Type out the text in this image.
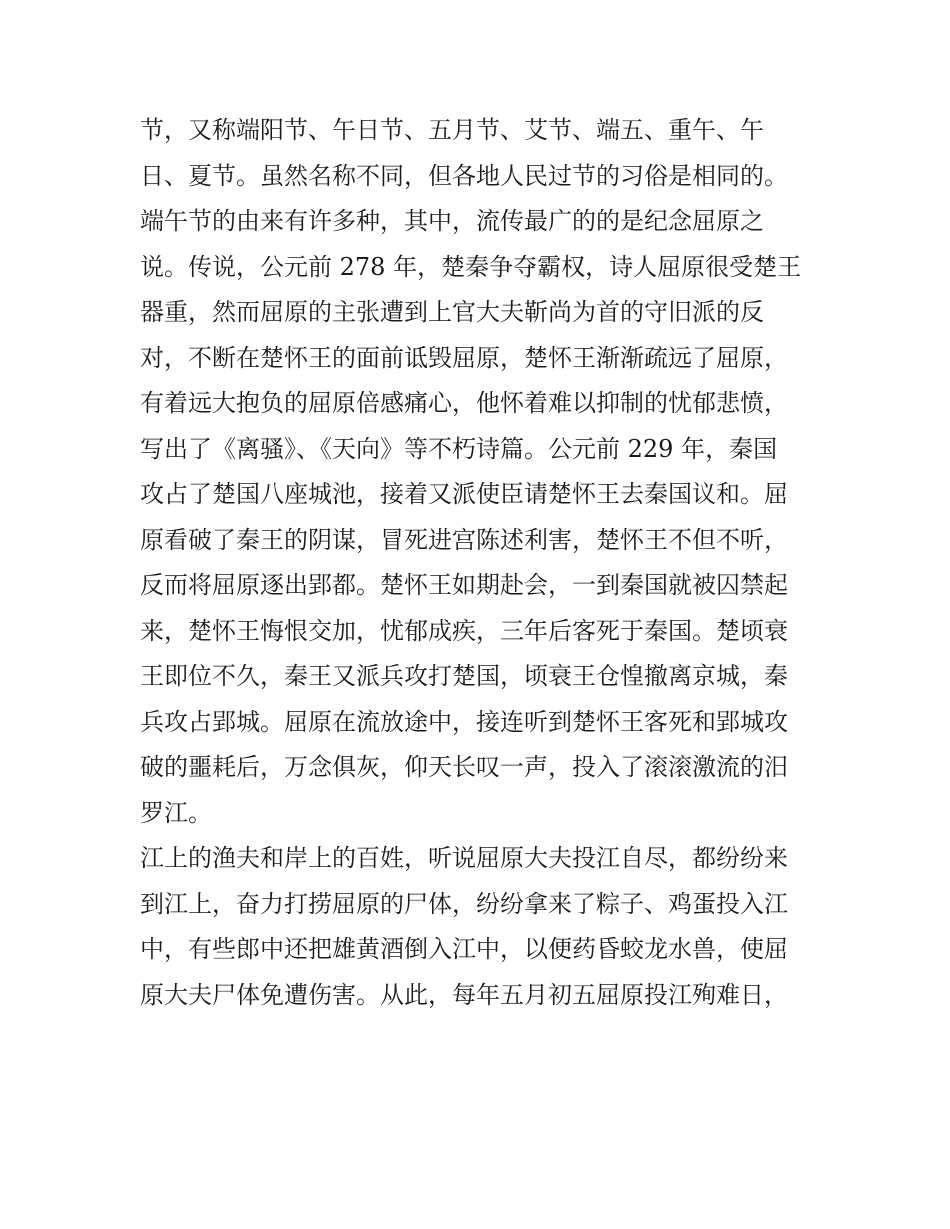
节，又称端阳节、午日节、五月节、艾节、端五、重午、午
日、夏节。虽然名称不同，但各地人民过节的习俗是相同的。
端午节的由来有许多种，其中，流传最广的的是纪念屈原之
说。传说，公元前 278 年，楚秦争夺霸权，诗人屈原很受楚王
器重，然而屈原的主张遭到上官大夫靳尚为首的守旧派的反
对，不断在楚怀王的面前诋毁屈原，楚怀王渐渐疏远了屈原，
有着远大抱负的屈原倍感痛心，他怀着难以抑制的忧郁悲愤，
写出了《离骚》、《天向》等不朽诗篇。公元前 229 年，秦国
攻占了楚国八座城池，接着又派使臣请楚怀王去秦国议和。屈
原看破了秦王的阴谋，冒死进宫陈述利害，楚怀王不但不听，
反而将屈原逐出郢都。楚怀王如期赴会，一到秦国就被囚禁起
来，楚怀王悔恨交加，忧郁成疾，三年后客死于秦国。楚顷衰
王即位不久，秦王又派兵攻打楚国，顷衰王仓惶撤离京城，秦
兵攻占郢城。屈原在流放途中，接连听到楚怀王客死和郢城攻
破的噩耗后，万念俱灰，仰天长叹一声，投入了滚滚激流的汨
罗江。
江上的渔夫和岸上的百姓，听说屈原大夫投江自尽，都纷纷来
到江上，奋力打捞屈原的尸体，纷纷拿来了粽子、鸡蛋投入江
中，有些郎中还把雄黄酒倒入江中，以便药昏蛟龙水兽，使屈
原大夫尸体免遭伤害。从此，每年五月初五屈原投江殉难日，
